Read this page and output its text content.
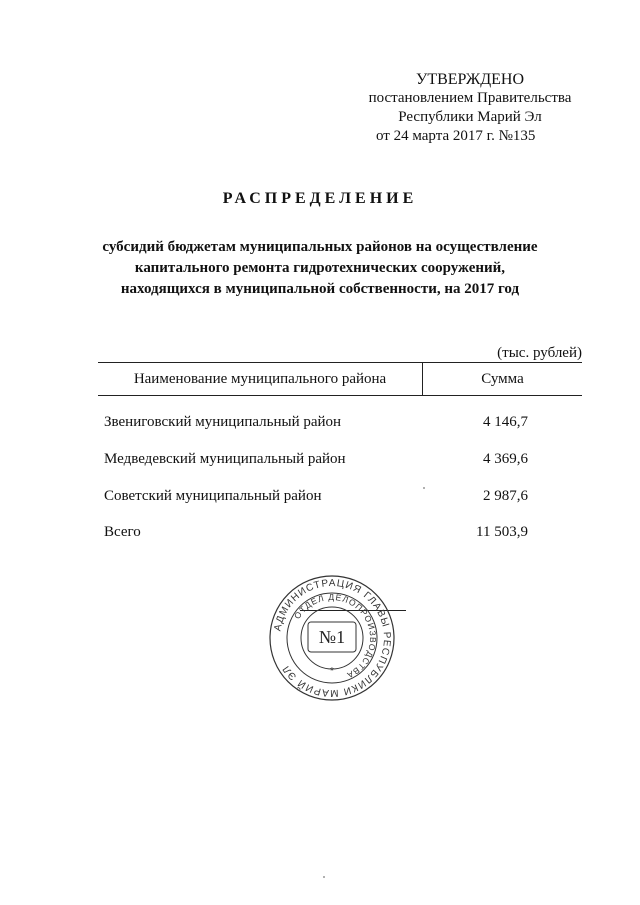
УТВЕРЖДЕНО
постановлением Правительства
Республики Марий Эл
от 24 марта 2017 г. №135
РАСПРЕДЕЛЕНИЕ
субсидий бюджетам муниципальных районов на осуществление
капитального ремонта гидротехнических сооружений,
находящихся в муниципальной собственности, на 2017 год
(тыс. рублей)
Наименование муниципального района	Сумма
Звениговский муниципальный район	4 146,7
Медведевский муниципальный район	4 369,6
Советский муниципальный район	2 987,6
Всего	11 503,9
АДМИНИСТРАЦИЯ ГЛАВЫ РЕСПУБЛИКИ МАРИЙ ЭЛ
ОТДЕЛ ДЕЛОПРОИЗВОДСТВА
№1
*
